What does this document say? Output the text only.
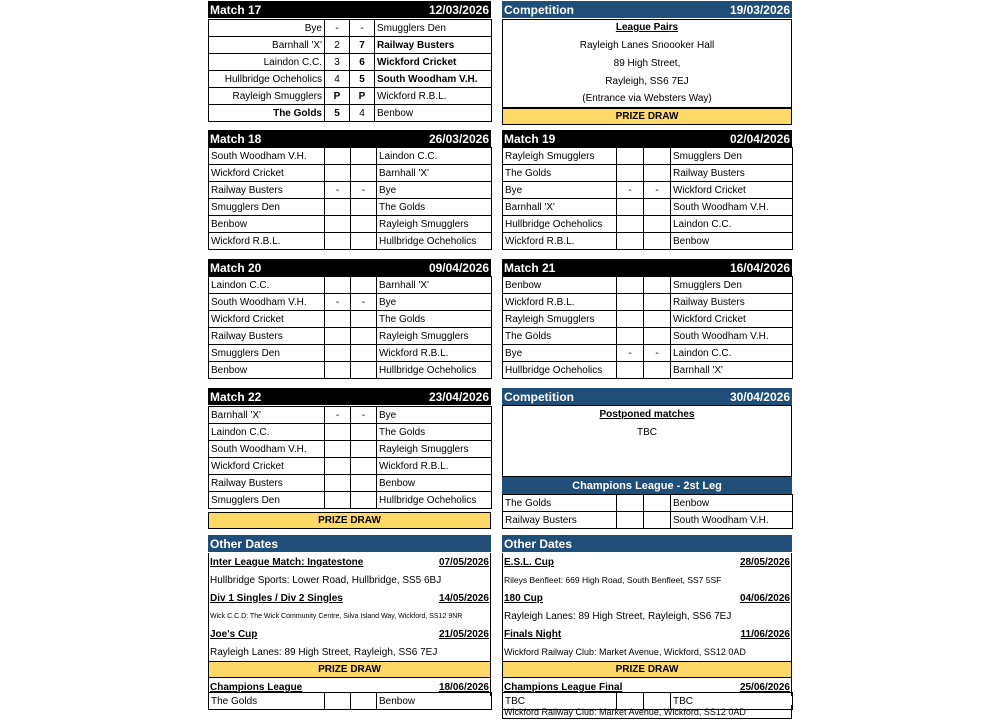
Match 17	12/03/2026
Bye	-	-	Smugglers Den
Barnhall 'X'	2	7	Railway Busters
Laindon C.C.	3	6	Wickford Cricket
Hullbridge Ocheholics	4	5	South Woodham V.H.
Rayleigh Smugglers	P	P	Wickford R.B.L.
The Golds	5	4	Benbow
Competition	19/03/2026
League Pairs
Rayleigh Lanes Snoooker Hall
89 High Street,
Rayleigh, SS6 7EJ
(Entrance via Websters Way)
PRIZE DRAW
Match 18	26/03/2026
South Woodham V.H.			Laindon C.C.
Wickford Cricket			Barnhall 'X'
Railway Busters	-	-	Bye
Smugglers Den			The Golds
Benbow			Rayleigh Smugglers
Wickford R.B.L.			Hullbridge Ocheholics
Match 19	02/04/2026
Rayleigh Smugglers			Smugglers Den
The Golds			Railway Busters
Bye	-	-	Wickford Cricket
Barnhall 'X'			South Woodham V.H.
Hullbridge Ocheholics			Laindon C.C.
Wickford R.B.L.			Benbow
Match 20	09/04/2026
Laindon C.C.			Barnhall 'X'
South Woodham V.H.	-	-	Bye
Wickford Cricket			The Golds
Railway Busters			Rayleigh Smugglers
Smugglers Den			Wickford R.B.L.
Benbow			Hullbridge Ocheholics
Match 21	16/04/2026
Benbow			Smugglers Den
Wickford R.B.L.			Railway Busters
Rayleigh Smugglers			Wickford Cricket
The Golds			South Woodham V.H.
Bye	-	-	Laindon C.C.
Hullbridge Ocheholics			Barnhall 'X'
Match 22	23/04/2026
Barnhall 'X'	-	-	Bye
Laindon C.C.			The Golds
South Woodham V.H.			Rayleigh Smugglers
Wickford Cricket			Wickford R.B.L.
Railway Busters			Benbow
Smugglers Den			Hullbridge Ocheholics
PRIZE DRAW
Competition	30/04/2026
Postponed matches
TBC
Champions League - 2st Leg
The Golds			Benbow
Railway Busters			South Woodham V.H.
Other Dates
Inter League Match: Ingatestone	07/05/2026
Hullbridge Sports: Lower Road, Hullbridge, SS5 6BJ
Div 1 Singles / Div 2 Singles	14/05/2026
Wick C.C.D: The Wick Community Centre, Silva Island Way, Wickford, SS12 9NR
Joe's Cup	21/05/2026
Rayleigh Lanes: 89 High Street, Rayleigh, SS6 7EJ
PRIZE DRAW
Champions League	18/06/2026
The Golds			Benbow
Other Dates
E.S.L. Cup	28/05/2026
Rileys Benfleet: 669 High Road, South Benfleet, SS7 5SF
180 Cup	04/06/2026
Rayleigh Lanes: 89 High Street, Rayleigh, SS6 7EJ
Finals Night	11/06/2026
Wickford Railway Club: Market Avenue, Wickford, SS12 0AD
PRIZE DRAW
Champions League Final	25/06/2026
TBC			TBC
Wickford Railway Club: Market Avenue, Wickford, SS12 0AD
